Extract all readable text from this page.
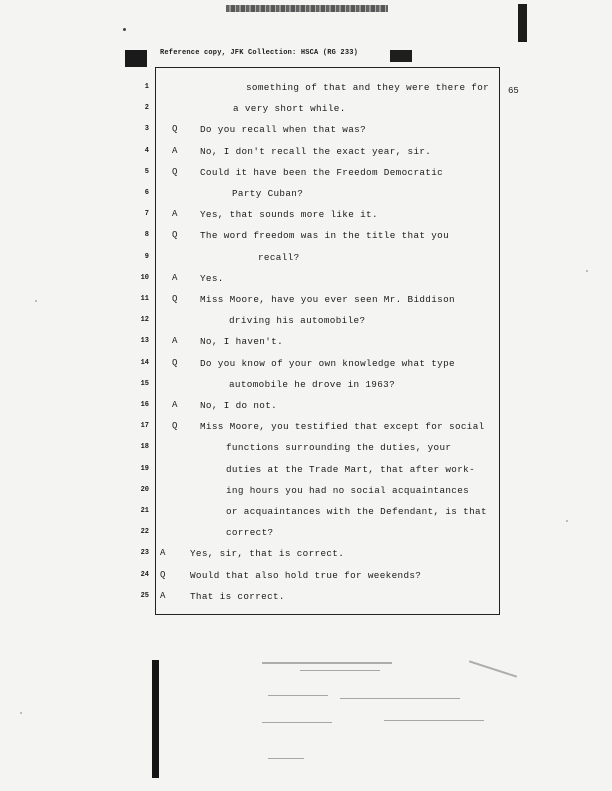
Reference copy, JFK Collection: HSCA (RG 233)
65
1	something of that and they were there for
2	a very short while.
3	Q Do you recall when that was?
4	A No, I don't recall the exact year, sir.
5	Q Could it have been the Freedom Democratic
6	Party Cuban?
7	A Yes, that sounds more like it.
8	Q The word freedom was in the title that you
9	recall?
10	A Yes.
11	Q Miss Moore, have you ever seen Mr. Biddison
12	driving his automobile?
13	A No, I haven't.
14	Q Do you know of your own knowledge what type
15	automobile he drove in 1963?
16	A No, I do not.
17	Q Miss Moore, you testified that except for social
18	functions surrounding the duties, your
19	duties at the Trade Mart, that after work-
20	ing hours you had no social acquaintances
21	or acquaintances with the Defendant, is that
22	correct?
23 A	Yes, sir, that is correct.
24 Q	Would that also hold true for weekends?
25 A	That is correct.
